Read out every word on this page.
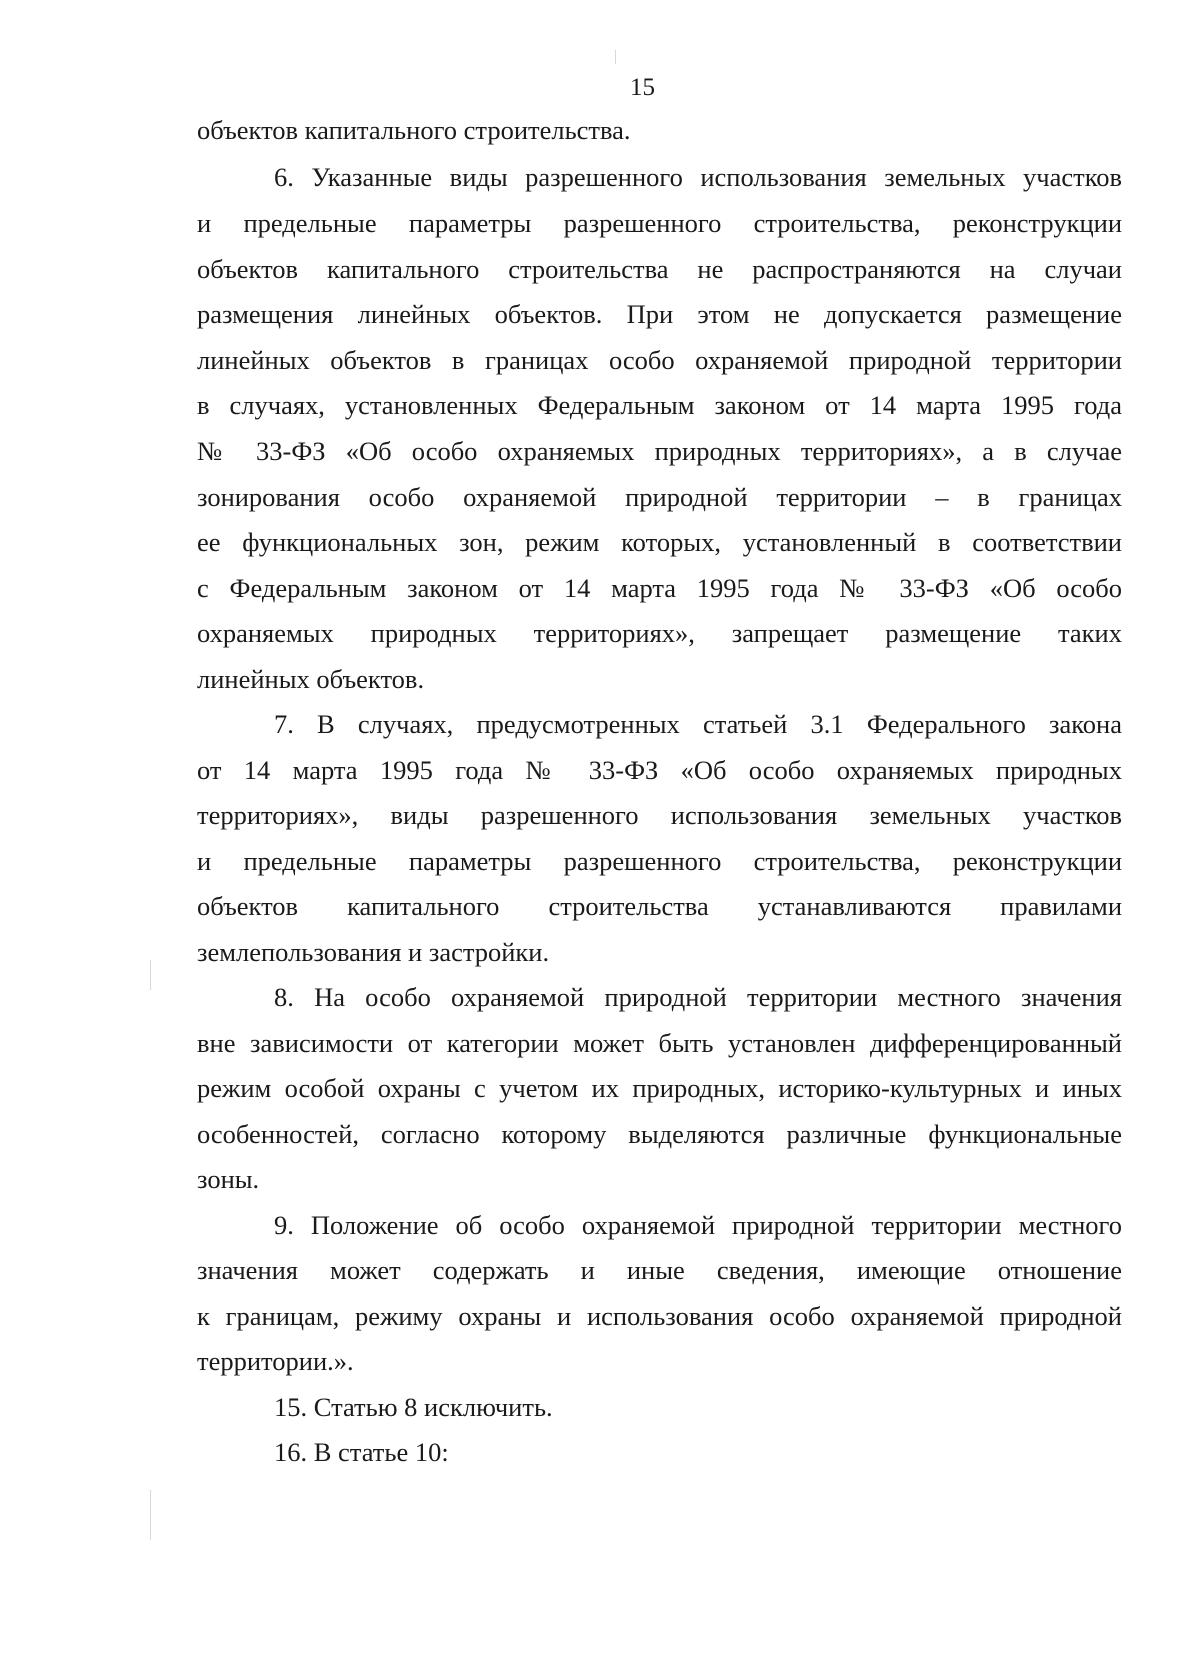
15
объектов капитального строительства.
6. Указанные виды разрешенного использования земельных участков
и предельные параметры разрешенного строительства, реконструкции
объектов капитального строительства не распространяются на случаи
размещения линейных объектов. При этом не допускается размещение
линейных объектов в границах особо охраняемой природной территории
в случаях, установленных Федеральным законом от 14 марта 1995 года
№ 33-ФЗ «Об особо охраняемых природных территориях», а в случае
зонирования особо охраняемой природной территории – в границах
ее функциональных зон, режим которых, установленный в соответствии
с Федеральным законом от 14 марта 1995 года № 33-ФЗ «Об особо
охраняемых природных территориях», запрещает размещение таких
линейных объектов.
7. В случаях, предусмотренных статьей 3.1 Федерального закона
от 14 марта 1995 года № 33-ФЗ «Об особо охраняемых природных
территориях», виды разрешенного использования земельных участков
и предельные параметры разрешенного строительства, реконструкции
объектов капитального строительства устанавливаются правилами
землепользования и застройки.
8. На особо охраняемой природной территории местного значения
вне зависимости от категории может быть установлен дифференцированный
режим особой охраны с учетом их природных, историко-культурных и иных
особенностей, согласно которому выделяются различные функциональные
зоны.
9. Положение об особо охраняемой природной территории местного
значения может содержать и иные сведения, имеющие отношение
к границам, режиму охраны и использования особо охраняемой природной
территории.».
15. Статью 8 исключить.
16. В статье 10:
